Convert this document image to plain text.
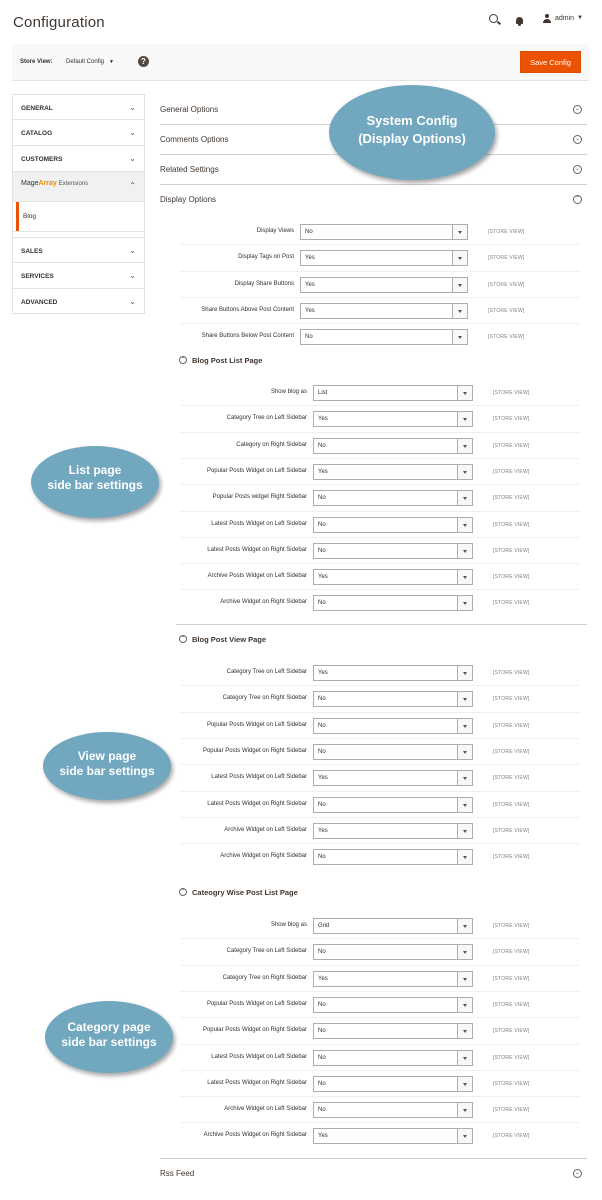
Configuration	admin ▼
Store View: Default Config ▼	?	Save Config
GENERAL	⌄
CATALOG	⌄
CUSTOMERS	⌄
MageArray Extensions	⌃
Blog
SALES	⌄
SERVICES	⌄
ADVANCED	⌄
General Options	⌄
Comments Options	⌄
Related Settings	⌄
Display Options	⌃
Display Views No	[STORE VIEW]
Display Tags on Post Yes	[STORE VIEW]
Display Share Buttons Yes	[STORE VIEW]
Share Buttons Above Post Content Yes	[STORE VIEW]
Share Buttons Below Post Content No	[STORE VIEW]
⌃ Blog Post List Page
Show blog as List	[STORE VIEW]
Category Tree on Left Sidebar Yes	[STORE VIEW]
Category on Right Sidebar No	[STORE VIEW]
Popular Posts Widget on Left Sidebar Yes	[STORE VIEW]
Popular Posts widget Right Sidebar No	[STORE VIEW]
Latest Posts Widget on Left Sidebar No	[STORE VIEW]
Latest Posts Widget on Right Sidebar No	[STORE VIEW]
Archive Posts Widget on Left Sidebar Yes	[STORE VIEW]
Archive Widget on Right Sidebar No	[STORE VIEW]
⌃ Blog Post View Page
Category Tree on Left Sidebar Yes	[STORE VIEW]
Category Tree on Right Sidebar No	[STORE VIEW]
Popular Posts Widget on Left Sidebar No	[STORE VIEW]
Popular Posts Widget on Right Sidebar No	[STORE VIEW]
Latest Posts Widget on Left Sidebar Yes	[STORE VIEW]
Latest Posts Widget on Right Sidebar No	[STORE VIEW]
Archive Widget on Left Sidebar Yes	[STORE VIEW]
Archive Widget on Right Sidebar No	[STORE VIEW]
⌃ Cateogry Wise Post List Page
Show blog as Grid	[STORE VIEW]
Category Tree on Left Sidebar No	[STORE VIEW]
Category Tree on Right Sidebar Yes	[STORE VIEW]
Popular Posts Widget on Left Sidebar No	[STORE VIEW]
Popular Posts Widget on Right Sidebar No	[STORE VIEW]
Latest Posts Widget on Left Sidebar No	[STORE VIEW]
Latest Posts Widget on Right Sidebar No	[STORE VIEW]
Archive Widget on Left Sidebar No	[STORE VIEW]
Archive Posts Widget on Right Sidebar Yes	[STORE VIEW]
Rss Feed	⌄
System Config
(Display Options)
List page
side bar settings
View page
side bar settings
Category page
side bar settings
